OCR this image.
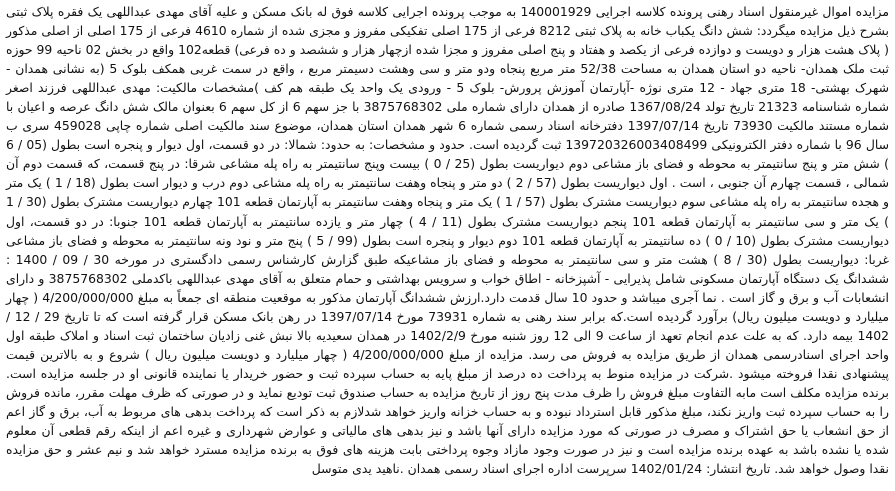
مزایده اموال غیرمنقول اسناد رهنی پرونده کلاسه اجرایی 140001929 به موجب پرونده اجرایی کلاسه فوق له بانک مسکن و علیه آقای مهدی عبداللهی یک فقره پلاک ثبتی بشرح ذیل مزایده میگردد: شش دانگ یکباب خانه به پلاک ثبتی 8212 فرعی از 175 اصلی تفکیکی مفروز و مجزی شده از شماره 4610 فرعی از 175 اصلی از اصلی مذکور ( پلاک هشت هزار و دویست و دوازده فرعی از یکصد و هفتاد و پنج اصلی مفروز و مجزا شده ازچهار هزار و ششصد و ده فرعی) قطعه102 واقع در بخش 02 ناحیه 99 حوزه ثبت ملک همدان- ناحیه دو استان همدان به مساحت 52/38 متر مربع پنجاه ودو متر و سی وهشت دسیمتر مربع ، واقع در سمت غربی همکف بلوک 5 (به نشانی همدان - شهرک بهشتی- 18 متری جهاد - 12 متری نوژه -آپارتمان آموزش پرورش- بلوک 5 - ورودی یک واحد یک طبقه هم کف )مشخصات مالکیت: مهدی عبداللهی فرزند اصغر شماره شناسنامه 21323 تاریخ تولد 1367/08/24 صادره از همدان دارای شماره ملی 3875768302 با جز سهم 6 از کل سهم 6 بعنوان مالک شش دانگ عرصه و اعیان با شماره مستند مالکیت 73930 تاریخ 1397/07/14 دفترخانه اسناد رسمی شماره 6 شهر همدان استان همدان، موضوع سند مالکیت اصلی شماره چاپی 459028 سری ب سال 96 با شماره دفتر الکترونیکی 139720326003408499 ثبت گردیده است. حدود و مشخصات: به حدود: شمالا: در دو قسمت، اول دیوار و پنجره است بطول (05 / 6 ) شش متر و پنج سانتیمتر به محوطه و فضای باز مشاعی دوم دیواریست بطول (25 / 0 ) بیست وپنج سانتیمتر به راه پله مشاعی شرقا: در پنج قسمت، که قسمت دوم آن شمالی ، قسمت چهارم آن جنوبی ، است . اول دیواریست بطول (57 / 2 ) دو متر و پنجاه وهفت سانتیمتر به راه پله مشاعی دوم درب و دیوار است بطول (18 / 1 ) یک متر و هجده سانتیمتر به راه پله مشاعی سوم دیواریست مشترک بطول (57 / 1 ) یک متر و پنجاه وهفت سانتیمتر به آپارتمان قطعه 101 چهارم دیواریست مشترک بطول (30 / 1 ) یک متر و سی سانتیمتر به آپارتمان قطعه 101 پنجم دیواریست مشترک بطول (11 / 4 ) چهار متر و یازده سانتیمتر به آپارتمان قطعه 101 جنوبا: در دو قسمت، اول دیواریست مشترک بطول (10 / 0 ) ده سانتیمتر به آپارتمان قطعه 101 دوم دیوار و پنجره است بطول (99 / 5 ) پنج متر و نود ونه سانتیمتر به محوطه و فضای باز مشاعی غربا: دیواریست بطول (30 / 8 ) هشت متر و سی سانتیمتر به محوطه و فضای باز مشاعیکه طبق گزارش کارشناس رسمی دادگستری در مورخه 30 / 09 / 1400 : ششدانگ یک دستگاه آپارتمان مسکونی شامل پذیرایی - آشپزخانه - اطاق خواب و سرویس بهداشتی و حمام متعلق به آقای مهدی عبداللهی باکدملی 3875768302 و دارای انشعابات آب و برق و گاز است . نما آجری میباشد و حدود 10 سال قدمت دارد.ارزش ششدانگ آپارتمان مذکور به موقعیت منطقه ای جمعاً به مبلغ 4/200/000/000 ( چهار میلیارد و دویست میلیون ریال) برآورد گردیده است.که برابر سند رهنی به شماره 73931 مورخ 1397/07/14 در رهن بانک مسکن قرار گرفته است که تا تاریخ 29 / 12 / 1402 بیمه دارد. که به علت عدم انجام تعهد از ساعت 9 الی 12 روز شنبه مورخ 1402/2/9 در همدان سعیدیه بالا نبش غنی زادیان ساختمان ثبت اسناد و املاک طبقه اول واحد اجرای اسنادرسمی همدان از طریق مزایده به فروش می رسد. مزایده از مبلغ 4/200/000/000 ( چهار میلیارد و دویست میلیون ریال ) شروع و به بالاترین قیمت پیشنهادی نقدا فروخته میشود .شرکت در مزایده منوط به پرداخت ده درصد از مبلغ پایه به حساب سپرده ثبت و حضور خریدار یا نماینده قانونی او در جلسه مزایده است. برنده مزایده مکلف است مابه التفاوت مبلغ فروش را ظرف مدت پنج روز از تاریخ مزایده به حساب صندوق ثبت تودیع نماید و در صورتی که ظرف مهلت مقرر، مانده فروش را به حساب سپرده ثبت واریز نکند، مبلغ مذکور قابل استرداد نبوده و به حساب خزانه واریز خواهد شدلازم به ذکر است که پرداخت بدهی های مربوط به آب، برق و گاز اعم از حق انشعاب یا حق اشتراک و مصرف در صورتی که مورد مزایده دارای آنها باشد و نیز بدهی های مالیاتی و عوارض شهرداری و غیره اعم از اینکه رقم قطعی آن معلوم شده یا نشده باشد به عهده برنده مزایده است و نیز در صورت وجود مازاد وجوه پرداختی بابت هزینه های فوق به برنده مزایده مسترد خواهد شد و نیم عشر و حق مزایده نقدا وصول خواهد شد. تاریخ انتشار: 1402/01/24 سرپرست اداره اجرای اسناد رسمی همدان .ناهید یدی متوسل
